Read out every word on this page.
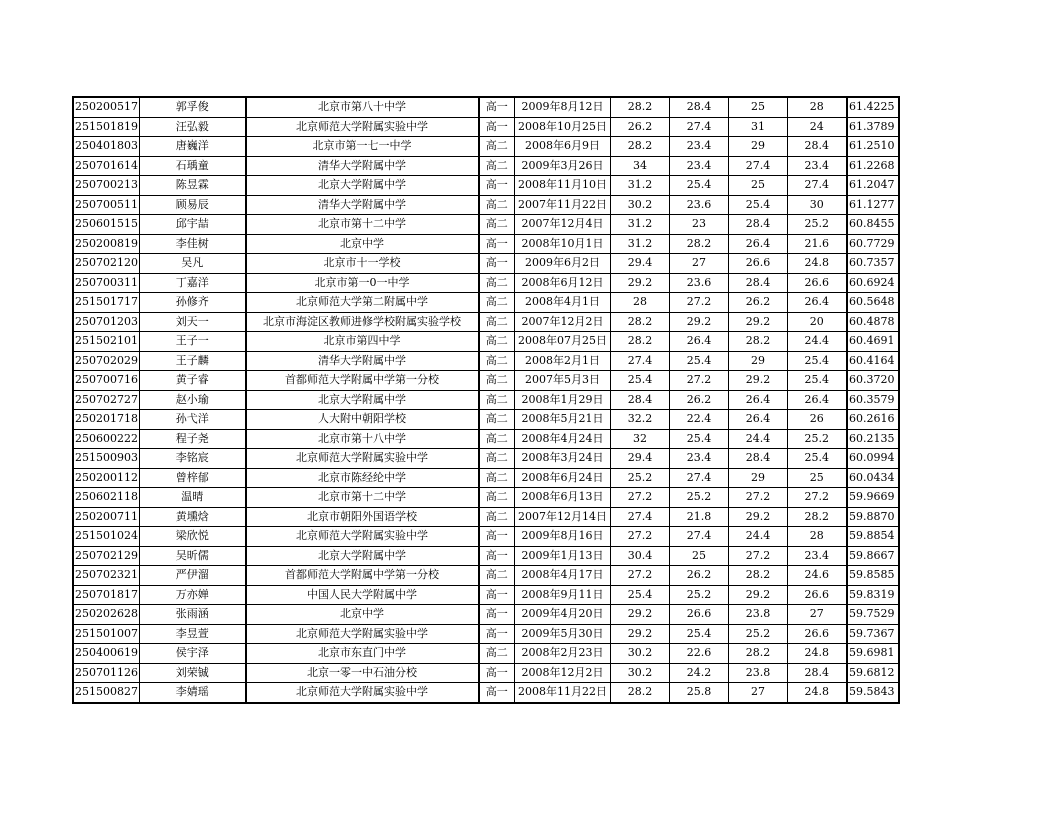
250200517	郭孚俊	北京市第八十中学	高一	2009年8月12日	28.2	28.4	25	28	61.4225
251501819	汪弘毅	北京师范大学附属实验中学	高一	2008年10月25日	26.2	27.4	31	24	61.3789
250401803	唐巍洋	北京市第一七一中学	高二	2008年6月9日	28.2	23.4	29	28.4	61.2510
250701614	石瑀童	清华大学附属中学	高二	2009年3月26日	34	23.4	27.4	23.4	61.2268
250700213	陈昱霖	北京大学附属中学	高一	2008年11月10日	31.2	25.4	25	27.4	61.2047
250700511	顾易辰	清华大学附属中学	高二	2007年11月22日	30.2	23.6	25.4	30	61.1277
250601515	邱宇喆	北京市第十二中学	高二	2007年12月4日	31.2	23	28.4	25.2	60.8455
250200819	李佳树	北京中学	高一	2008年10月1日	31.2	28.2	26.4	21.6	60.7729
250702120	吴凡	北京市十一学校	高一	2009年6月2日	29.4	27	26.6	24.8	60.7357
250700311	丁嘉洋	北京市第一0一中学	高二	2008年6月12日	29.2	23.6	28.4	26.6	60.6924
251501717	孙修齐	北京师范大学第二附属中学	高二	2008年4月1日	28	27.2	26.2	26.4	60.5648
250701203	刘天一	北京市海淀区教师进修学校附属实验学校	高二	2007年12月2日	28.2	29.2	29.2	20	60.4878
251502101	王子一	北京市第四中学	高二	2008年07月25日	28.2	26.4	28.2	24.4	60.4691
250702029	王子麟	清华大学附属中学	高二	2008年2月1日	27.4	25.4	29	25.4	60.4164
250700716	黄子睿	首都师范大学附属中学第一分校	高二	2007年5月3日	25.4	27.2	29.2	25.4	60.3720
250702727	赵小瑜	北京大学附属中学	高二	2008年1月29日	28.4	26.2	26.4	26.4	60.3579
250201718	孙弋洋	人大附中朝阳学校	高二	2008年5月21日	32.2	22.4	26.4	26	60.2616
250600222	程子尧	北京市第十八中学	高二	2008年4月24日	32	25.4	24.4	25.2	60.2135
251500903	李铭宸	北京师范大学附属实验中学	高二	2008年3月24日	29.4	23.4	28.4	25.4	60.0994
250200112	曾梓郁	北京市陈经纶中学	高二	2008年6月24日	25.2	27.4	29	25	60.0434
250602118	温晴	北京市第十二中学	高二	2008年6月13日	27.2	25.2	27.2	27.2	59.9669
250200711	黄壎焓	北京市朝阳外国语学校	高二	2007年12月14日	27.4	21.8	29.2	28.2	59.8870
251501024	梁欣悦	北京师范大学附属实验中学	高一	2009年8月16日	27.2	27.4	24.4	28	59.8854
250702129	吴昕儒	北京大学附属中学	高一	2009年1月13日	30.4	25	27.2	23.4	59.8667
250702321	严伊溜	首都师范大学附属中学第一分校	高二	2008年4月17日	27.2	26.2	28.2	24.6	59.8585
250701817	万亦婵	中国人民大学附属中学	高一	2008年9月11日	25.4	25.2	29.2	26.6	59.8319
250202628	张雨涵	北京中学	高一	2009年4月20日	29.2	26.6	23.8	27	59.7529
251501007	李昱萱	北京师范大学附属实验中学	高一	2009年5月30日	29.2	25.4	25.2	26.6	59.7367
250400619	侯宇泽	北京市东直门中学	高二	2008年2月23日	30.2	22.6	28.2	24.8	59.6981
250701126	刘荣铖	北京一零一中石油分校	高一	2008年12月2日	30.2	24.2	23.8	28.4	59.6812
251500827	李婧瑶	北京师范大学附属实验中学	高一	2008年11月22日	28.2	25.8	27	24.8	59.5843
